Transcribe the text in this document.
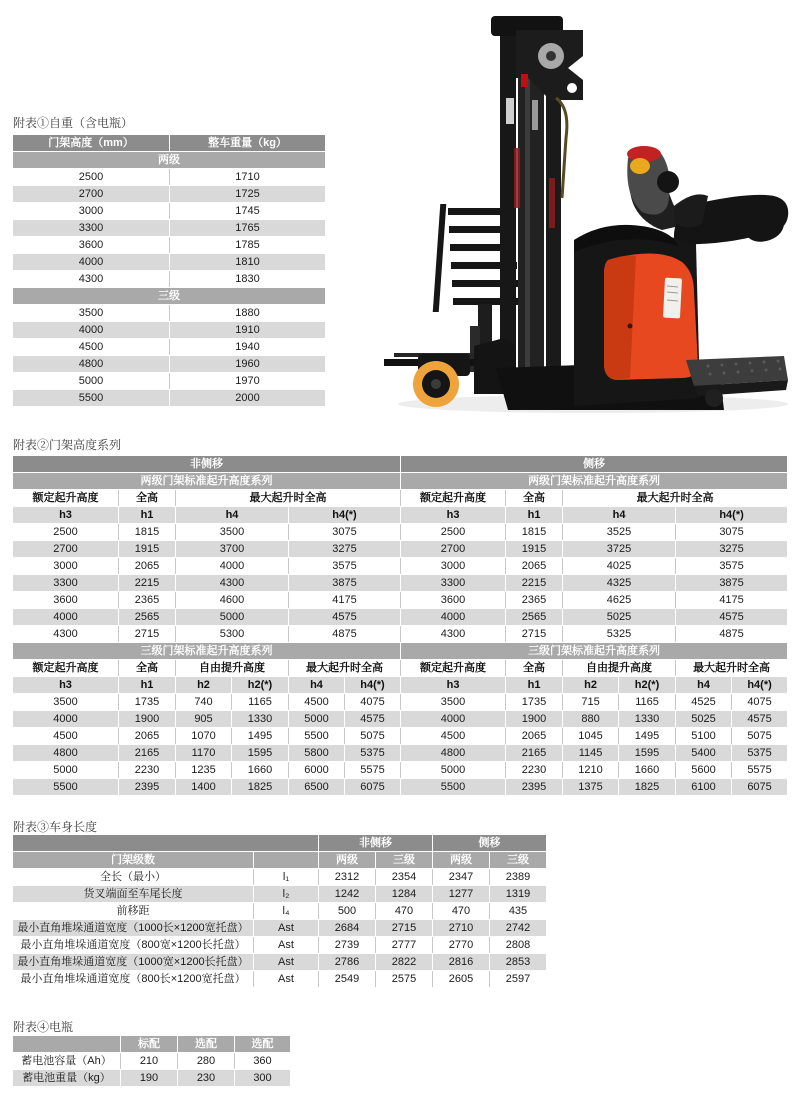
附表①自重（含电瓶）
门架高度（mm）	整车重量（kg）
两级	
2500	1710
2700	1725
3000	1745
3300	1765
3600	1785
4000	1810
4300	1830
三级	
3500	1880
4000	1910
4500	1940
4800	1960
5000	1970
5500	2000
附表②门架高度系列
非侧移						侧移					
两级门架标准起升高度系列						两级门架标准起升高度系列					
额定起升高度	全高	最大起升时全高				额定起升高度	全高	最大起升时全高			
h3	h1	h4		h4(*)		h3	h1	h4		h4(*)	
2500	1815	3500		3075		2500	1815	3525		3075	
2700	1915	3700		3275		2700	1915	3725		3275	
3000	2065	4000		3575		3000	2065	4025		3575	
3300	2215	4300		3875		3300	2215	4325		3875	
3600	2365	4600		4175		3600	2365	4625		4175	
4000	2565	5000		4575		4000	2565	5025		4575	
4300	2715	5300		4875		4300	2715	5325		4875	
三级门架标准起升高度系列						三级门架标准起升高度系列					
额定起升高度	全高	自由提升高度		最大起升时全高		额定起升高度	全高	自由提升高度		最大起升时全高	
h3	h1	h2	h2(*)	h4	h4(*)	h3	h1	h2	h2(*)	h4	h4(*)
3500	1735	740	1165	4500	4075	3500	1735	715	1165	4525	4075
4000	1900	905	1330	5000	4575	4000	1900	880	1330	5025	4575
4500	2065	1070	1495	5500	5075	4500	2065	1045	1495	5100	5075
4800	2165	1170	1595	5800	5375	4800	2165	1145	1595	5400	5375
5000	2230	1235	1660	6000	5575	5000	2230	1210	1660	5600	5575
5500	2395	1400	1825	6500	6075	5500	2395	1375	1825	6100	6075
附表③车身长度
		非侧移		侧移	
门架级数		两级	三级	两级	三级
全长（最小）	l₁	2312	2354	2347	2389
货叉端面至车尾长度	l₂	1242	1284	1277	1319
前移距	l₄	500	470	470	435
最小直角堆垛通道宽度（1000长×1200宽托盘）	Ast	2684	2715	2710	2742
最小直角堆垛通道宽度（800宽×1200长托盘）	Ast	2739	2777	2770	2808
最小直角堆垛通道宽度（1000宽×1200长托盘）	Ast	2786	2822	2816	2853
最小直角堆垛通道宽度（800长×1200宽托盘）	Ast	2549	2575	2605	2597
附表④电瓶
	标配	选配	选配
蓄电池容量（Ah）	210	280	360
蓄电池重量（kg）	190	230	300
